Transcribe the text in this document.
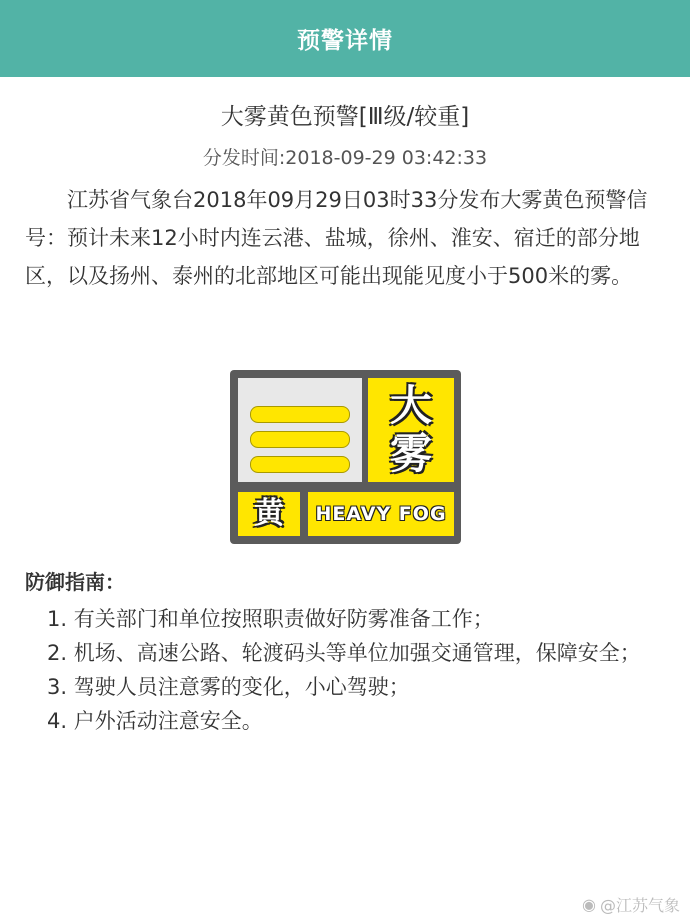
预警详情
大雾黄色预警[Ⅲ级/较重]
分发时间:2018-09-29 03:42:33

江苏省气象台2018年09月29日03时33分发布大雾黄色预警信号：预计未来12小时内连云港、盐城，徐州、淮安、宿迁的部分地区，以及扬州、泰州的北部地区可能出现能见度小于500米的雾。

大
雾
黄	HEAVY FOG
防御指南：
1. 有关部门和单位按照职责做好防雾准备工作；
2. 机场、高速公路、轮渡码头等单位加强交通管理，保障安全；
3. 驾驶人员注意雾的变化，小心驾驶；
4. 户外活动注意安全。
◉ @江苏气象
